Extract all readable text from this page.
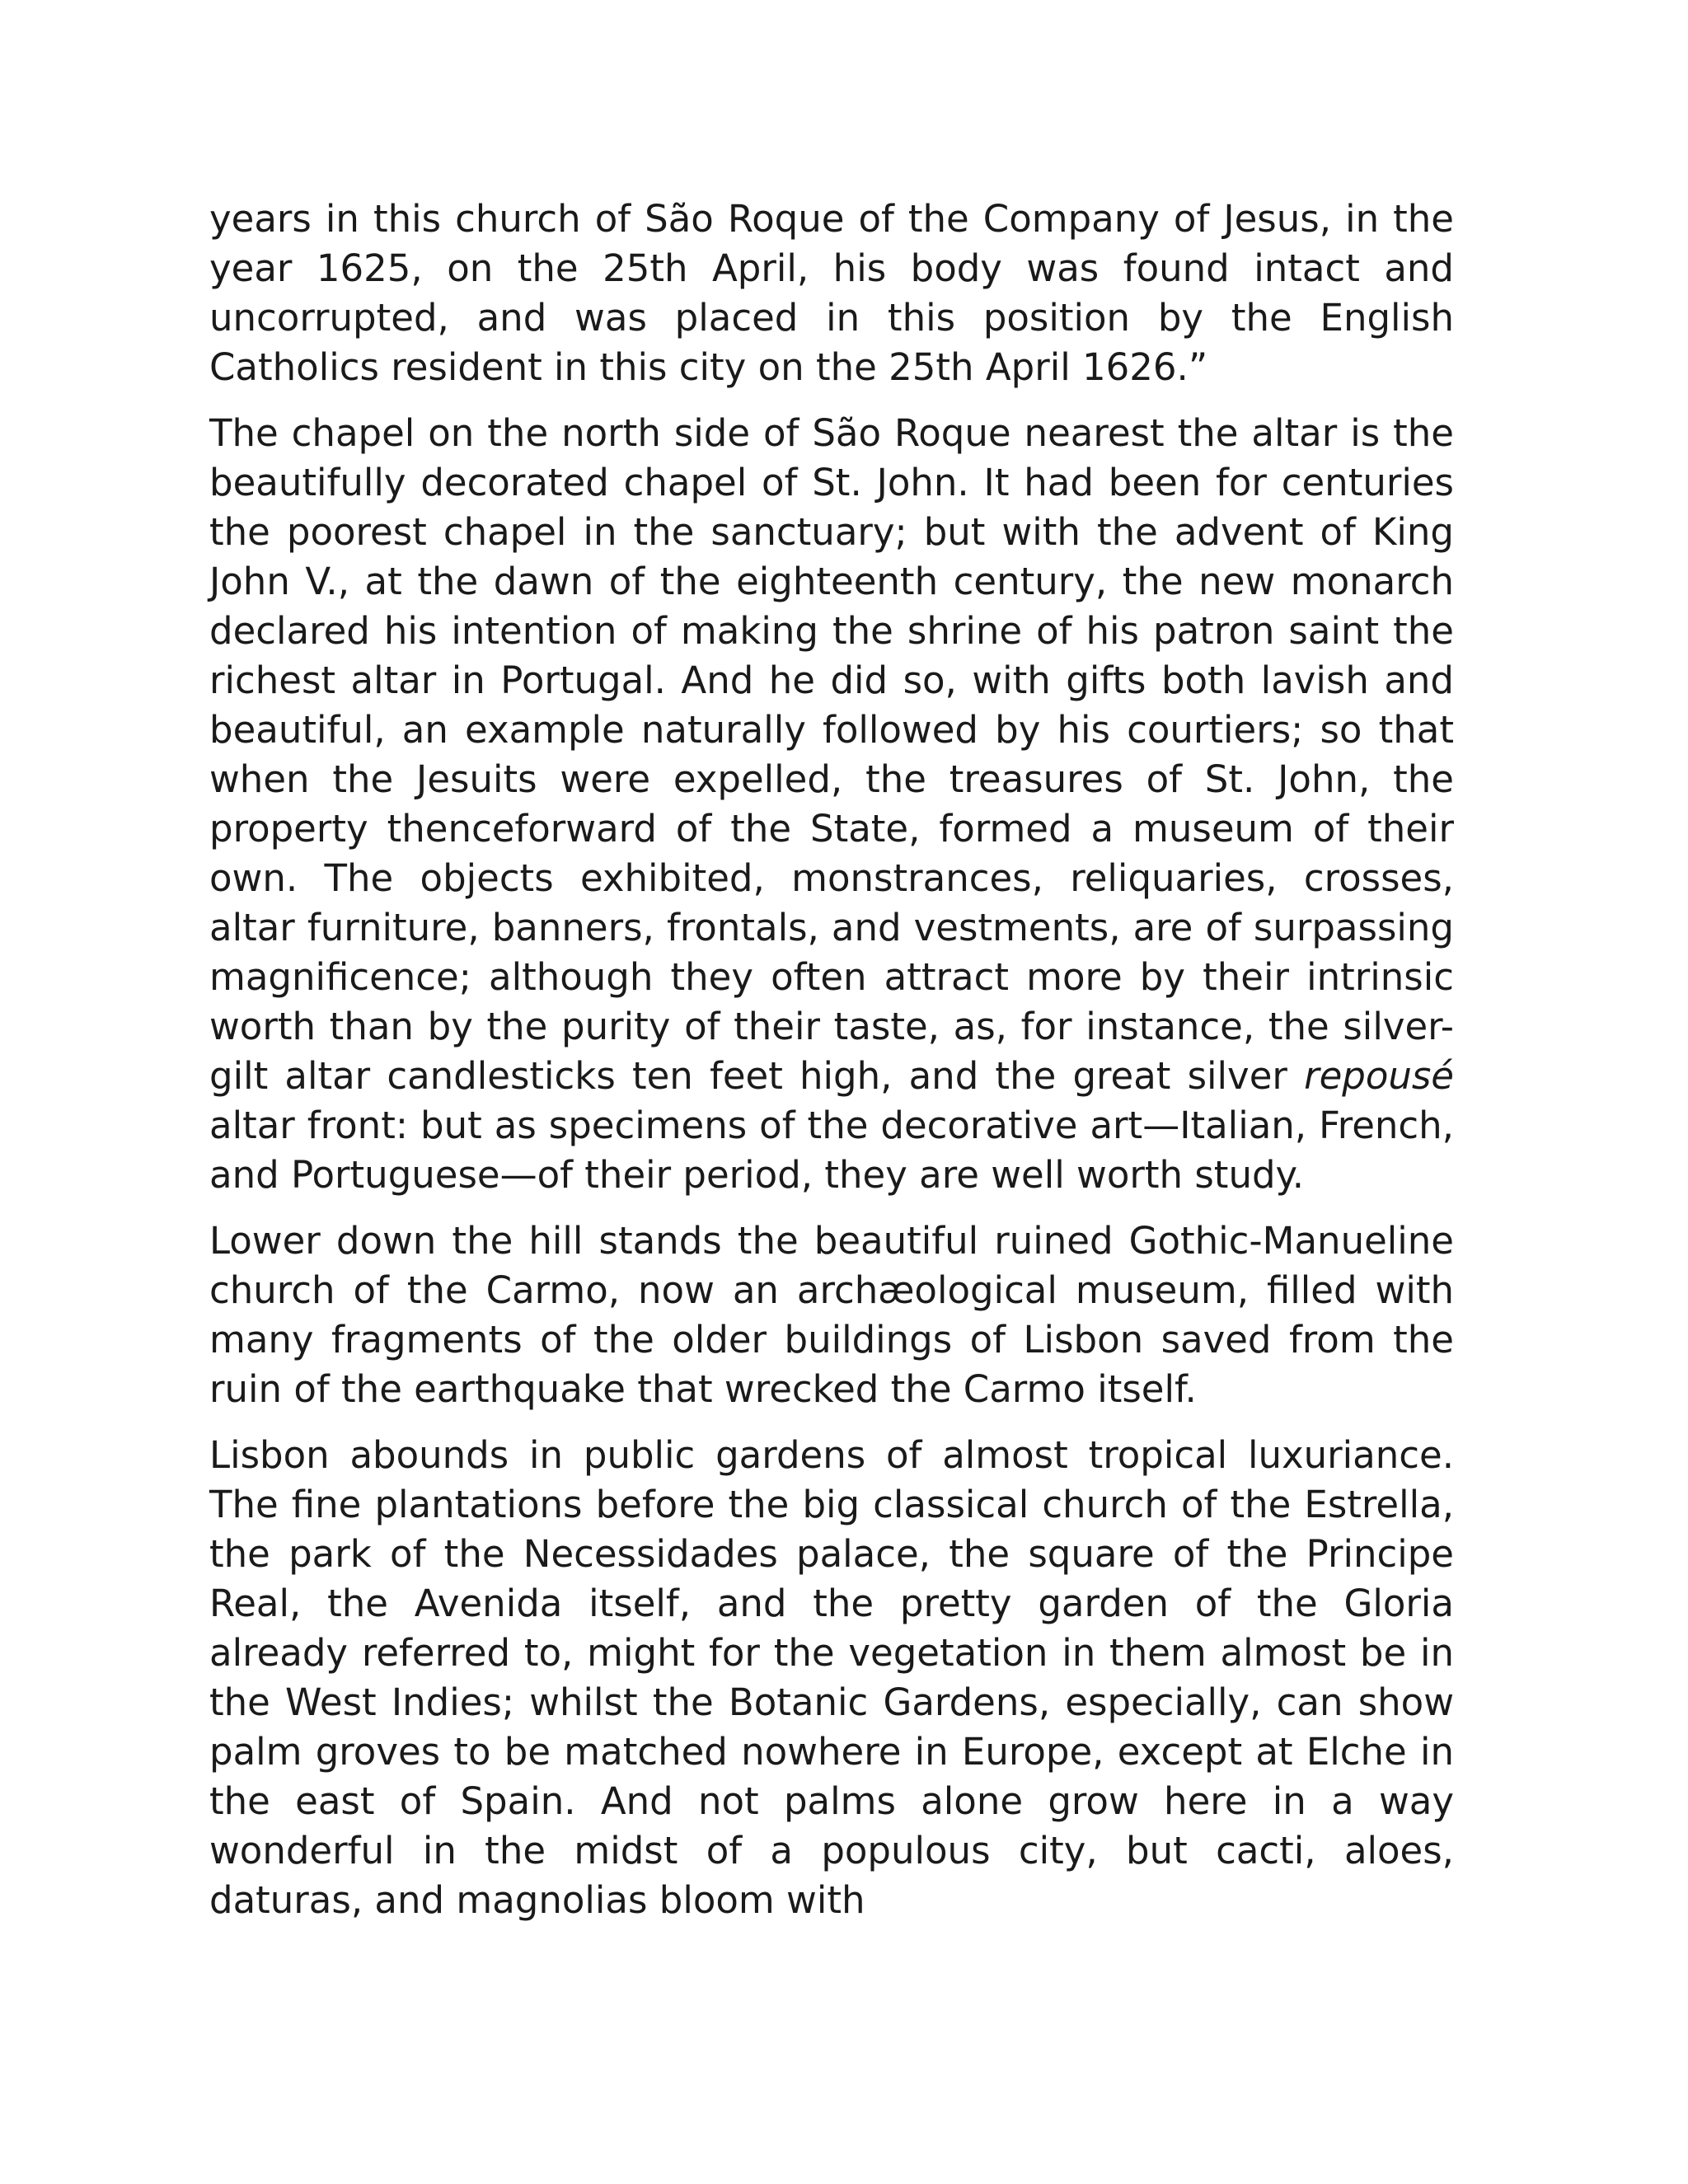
years in this church of São Roque of the Company of Jesus, in the year 1625, on the 25th April, his body was found intact and uncorrupted, and was placed in this position by the English Catholics resident in this city on the 25th April 1626.”

The chapel on the north side of São Roque nearest the altar is the beautifully decorated chapel of St. John. It had been for centuries the poorest chapel in the sanctuary; but with the advent of King John V., at the dawn of the eighteenth century, the new monarch declared his intention of making the shrine of his patron saint the richest altar in Portugal. And he did so, with gifts both lavish and beautiful, an example naturally followed by his courtiers; so that when the Jesuits were expelled, the treasures of St. John, the property thenceforward of the State, formed a museum of their own. The objects exhibited, monstrances, reliquaries, crosses, altar furniture, banners, frontals, and vestments, are of surpassing magnificence; although they often attract more by their intrinsic worth than by the purity of their taste, as, for instance, the silver-gilt altar candlesticks ten feet high, and the great silver repousé altar front: but as specimens of the decorative art—Italian, French, and Portuguese—of their period, they are well worth study.

Lower down the hill stands the beautiful ruined Gothic-Manueline church of the Carmo, now an archæological museum, filled with many fragments of the older buildings of Lisbon saved from the ruin of the earthquake that wrecked the Carmo itself.

Lisbon abounds in public gardens of almost tropical luxuriance. The fine plantations before the big classical church of the Estrella, the park of the Necessidades palace, the square of the Principe Real, the Avenida itself, and the pretty garden of the Gloria already referred to, might for the vegetation in them almost be in the West Indies; whilst the Botanic Gardens, especially, can show palm groves to be matched nowhere in Europe, except at Elche in the east of Spain. And not palms alone grow here in a way wonderful in the midst of a populous city, but cacti, aloes, daturas, and magnolias bloom with
